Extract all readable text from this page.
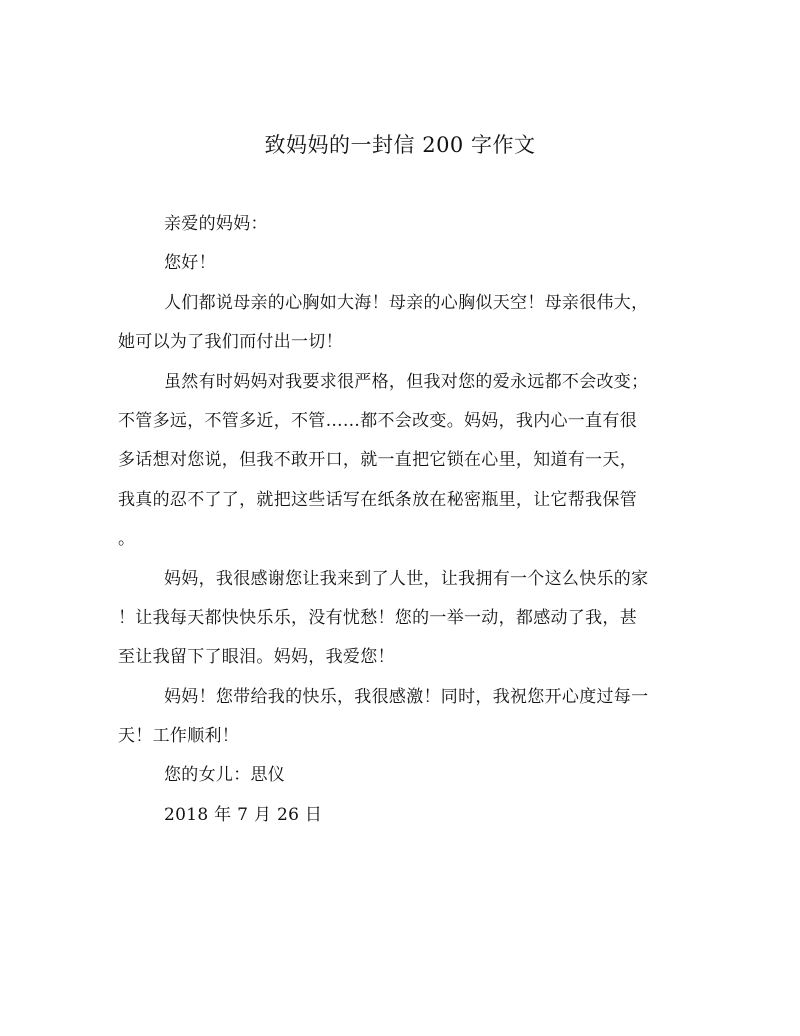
致妈妈的一封信 200 字作文
亲爱的妈妈：
您好！
人们都说母亲的心胸如大海！母亲的心胸似天空！母亲很伟大，
她可以为了我们而付出一切！
虽然有时妈妈对我要求很严格，但我对您的爱永远都不会改变；
不管多远，不管多近，不管……都不会改变。妈妈，我内心一直有很
多话想对您说，但我不敢开口，就一直把它锁在心里，知道有一天，
我真的忍不了了，就把这些话写在纸条放在秘密瓶里，让它帮我保管
。
妈妈，我很感谢您让我来到了人世，让我拥有一个这么快乐的家
！让我每天都快快乐乐，没有忧愁！您的一举一动，都感动了我，甚
至让我留下了眼泪。妈妈，我爱您！
妈妈！您带给我的快乐，我很感激！同时，我祝您开心度过每一
天！工作顺利！
您的女儿：思仪
2018 年 7 月 26 日
